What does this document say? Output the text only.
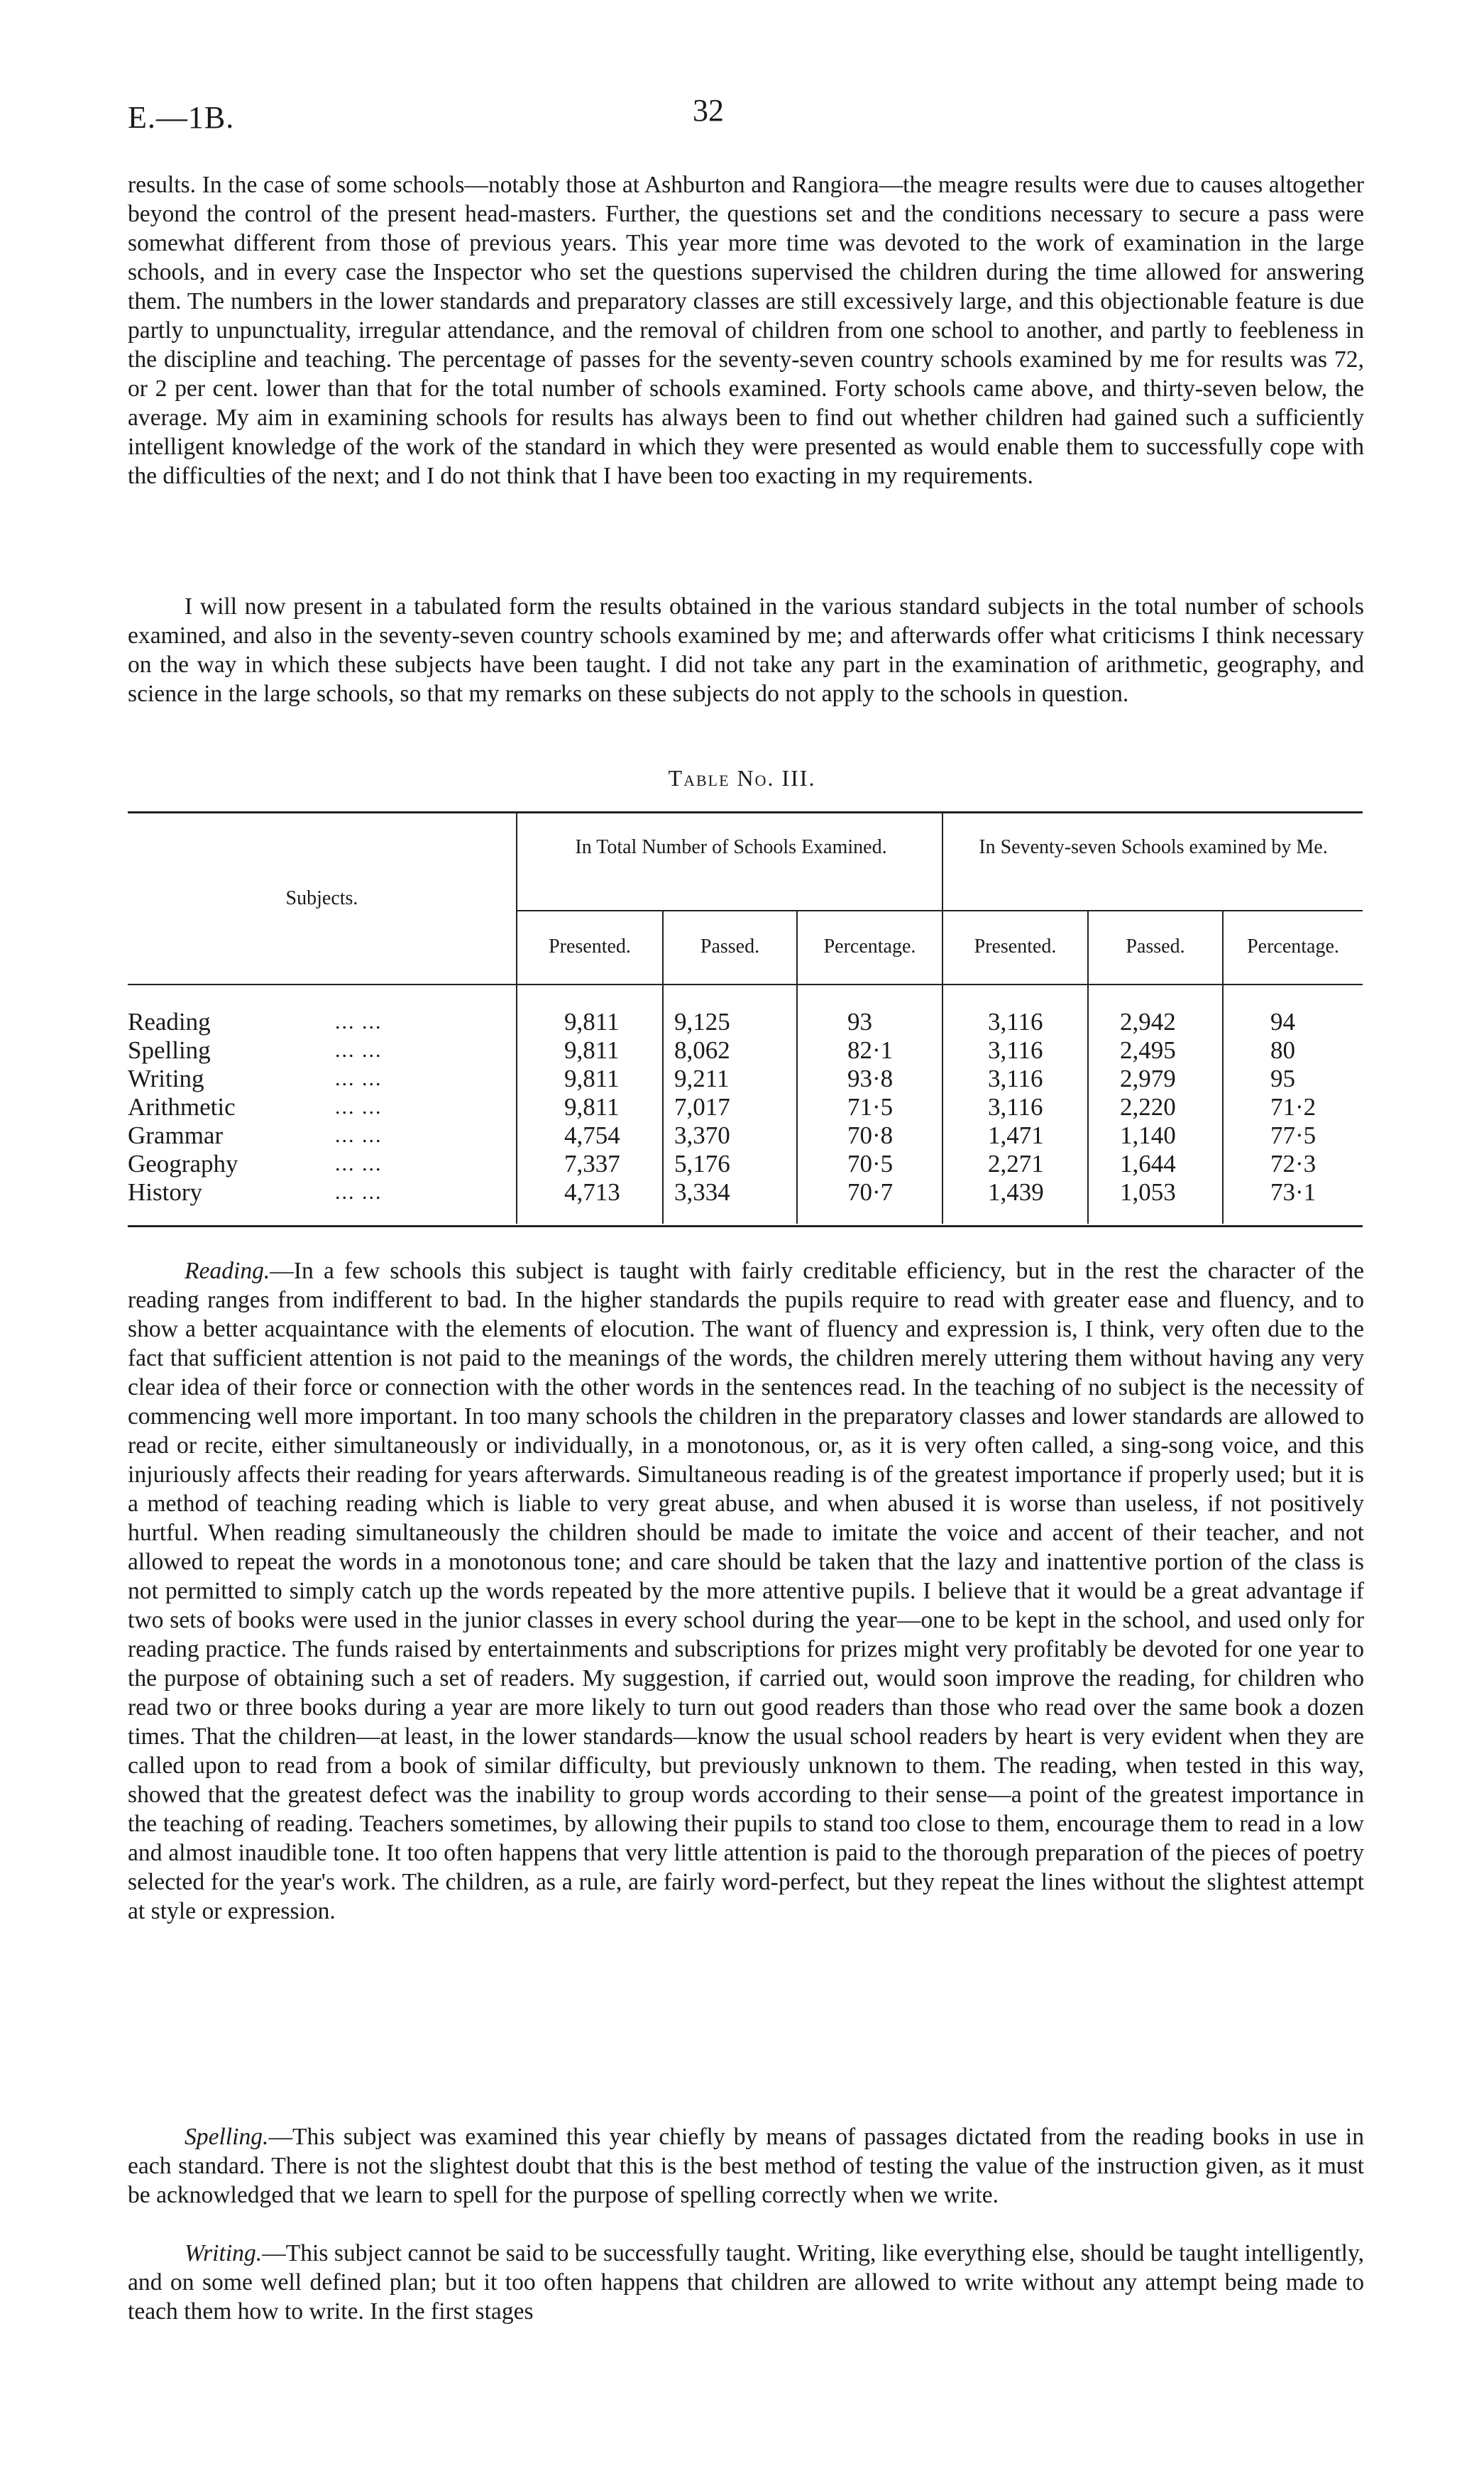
E.—1B.	32

results. In the case of some schools—notably those at Ashburton and Rangiora—the meagre results were due to causes altogether beyond the control of the present head-masters. Further, the questions set and the conditions necessary to secure a pass were somewhat different from those of previous years. This year more time was devoted to the work of examination in the large schools, and in every case the Inspector who set the questions supervised the children during the time allowed for answering them. The numbers in the lower standards and preparatory classes are still excessively large, and this objectionable feature is due partly to unpunctuality, irregular attendance, and the removal of children from one school to another, and partly to feebleness in the discipline and teaching. The percentage of passes for the seventy-seven country schools examined by me for results was 72, or 2 per cent. lower than that for the total number of schools examined. Forty schools came above, and thirty-seven below, the average. My aim in examining schools for results has always been to find out whether children had gained such a sufficiently intelligent knowledge of the work of the standard in which they were presented as would enable them to successfully cope with the difficulties of the next; and I do not think that I have been too exacting in my requirements.

I will now present in a tabulated form the results obtained in the various standard subjects in the total number of schools examined, and also in the seventy-seven country schools examined by me; and afterwards offer what criticisms I think necessary on the way in which these subjects have been taught. I did not take any part in the examination of arithmetic, geography, and science in the large schools, so that my remarks on these subjects do not apply to the schools in question.

Table No. III.
Subjects.
In Total Number of Schools Examined.	In Seventy-seven Schools examined by Me.
Presented.	Passed.	Percentage.	Presented.	Passed.	Percentage.
Reading	... ...	9,811 9,125	93	3,116	2,942	94
Spelling	... ...	9,811 8,062	82·1	3,116	2,495	80
Writing	... ...	9,811 9,211	93·8	3,116	2,979	95
Arithmetic	... ...	9,811 7,017	71·5	3,116	2,220	71·2
Grammar	... ...	4,754 3,370	70·8	1,471	1,140	77·5
Geography	... ...	7,337 5,176	70·5	2,271	1,644	72·3
History	... ...	4,713 3,334	70·7	1,439	1,053	73·1

Reading.—In a few schools this subject is taught with fairly creditable efficiency, but in the rest the character of the reading ranges from indifferent to bad. In the higher standards the pupils require to read with greater ease and fluency, and to show a better acquaintance with the elements of elocution. The want of fluency and expression is, I think, very often due to the fact that sufficient attention is not paid to the meanings of the words, the children merely uttering them without having any very clear idea of their force or connection with the other words in the sentences read. In the teaching of no subject is the necessity of commencing well more important. In too many schools the children in the preparatory classes and lower standards are allowed to read or recite, either simultaneously or individually, in a monotonous, or, as it is very often called, a sing-song voice, and this injuriously affects their reading for years afterwards. Simultaneous reading is of the greatest importance if properly used; but it is a method of teaching reading which is liable to very great abuse, and when abused it is worse than useless, if not positively hurtful. When reading simultaneously the children should be made to imitate the voice and accent of their teacher, and not allowed to repeat the words in a monotonous tone; and care should be taken that the lazy and inattentive portion of the class is not permitted to simply catch up the words repeated by the more attentive pupils. I believe that it would be a great advantage if two sets of books were used in the junior classes in every school during the year—one to be kept in the school, and used only for reading practice. The funds raised by entertainments and subscriptions for prizes might very profitably be devoted for one year to the purpose of obtaining such a set of readers. My suggestion, if carried out, would soon improve the reading, for children who read two or three books during a year are more likely to turn out good readers than those who read over the same book a dozen times. That the children—at least, in the lower standards—know the usual school readers by heart is very evident when they are called upon to read from a book of similar difficulty, but previously unknown to them. The reading, when tested in this way, showed that the greatest defect was the inability to group words according to their sense—a point of the greatest importance in the teaching of reading. Teachers sometimes, by allowing their pupils to stand too close to them, encourage them to read in a low and almost inaudible tone. It too often happens that very little attention is paid to the thorough preparation of the pieces of poetry selected for the year's work. The children, as a rule, are fairly word-perfect, but they repeat the lines without the slightest attempt at style or expression.

Spelling.—This subject was examined this year chiefly by means of passages dictated from the reading books in use in each standard. There is not the slightest doubt that this is the best method of testing the value of the instruction given, as it must be acknowledged that we learn to spell for the purpose of spelling correctly when we write.

Writing.—This subject cannot be said to be successfully taught. Writing, like everything else, should be taught intelligently, and on some well defined plan; but it too often happens that children are allowed to write without any attempt being made to teach them how to write. In the first stages
